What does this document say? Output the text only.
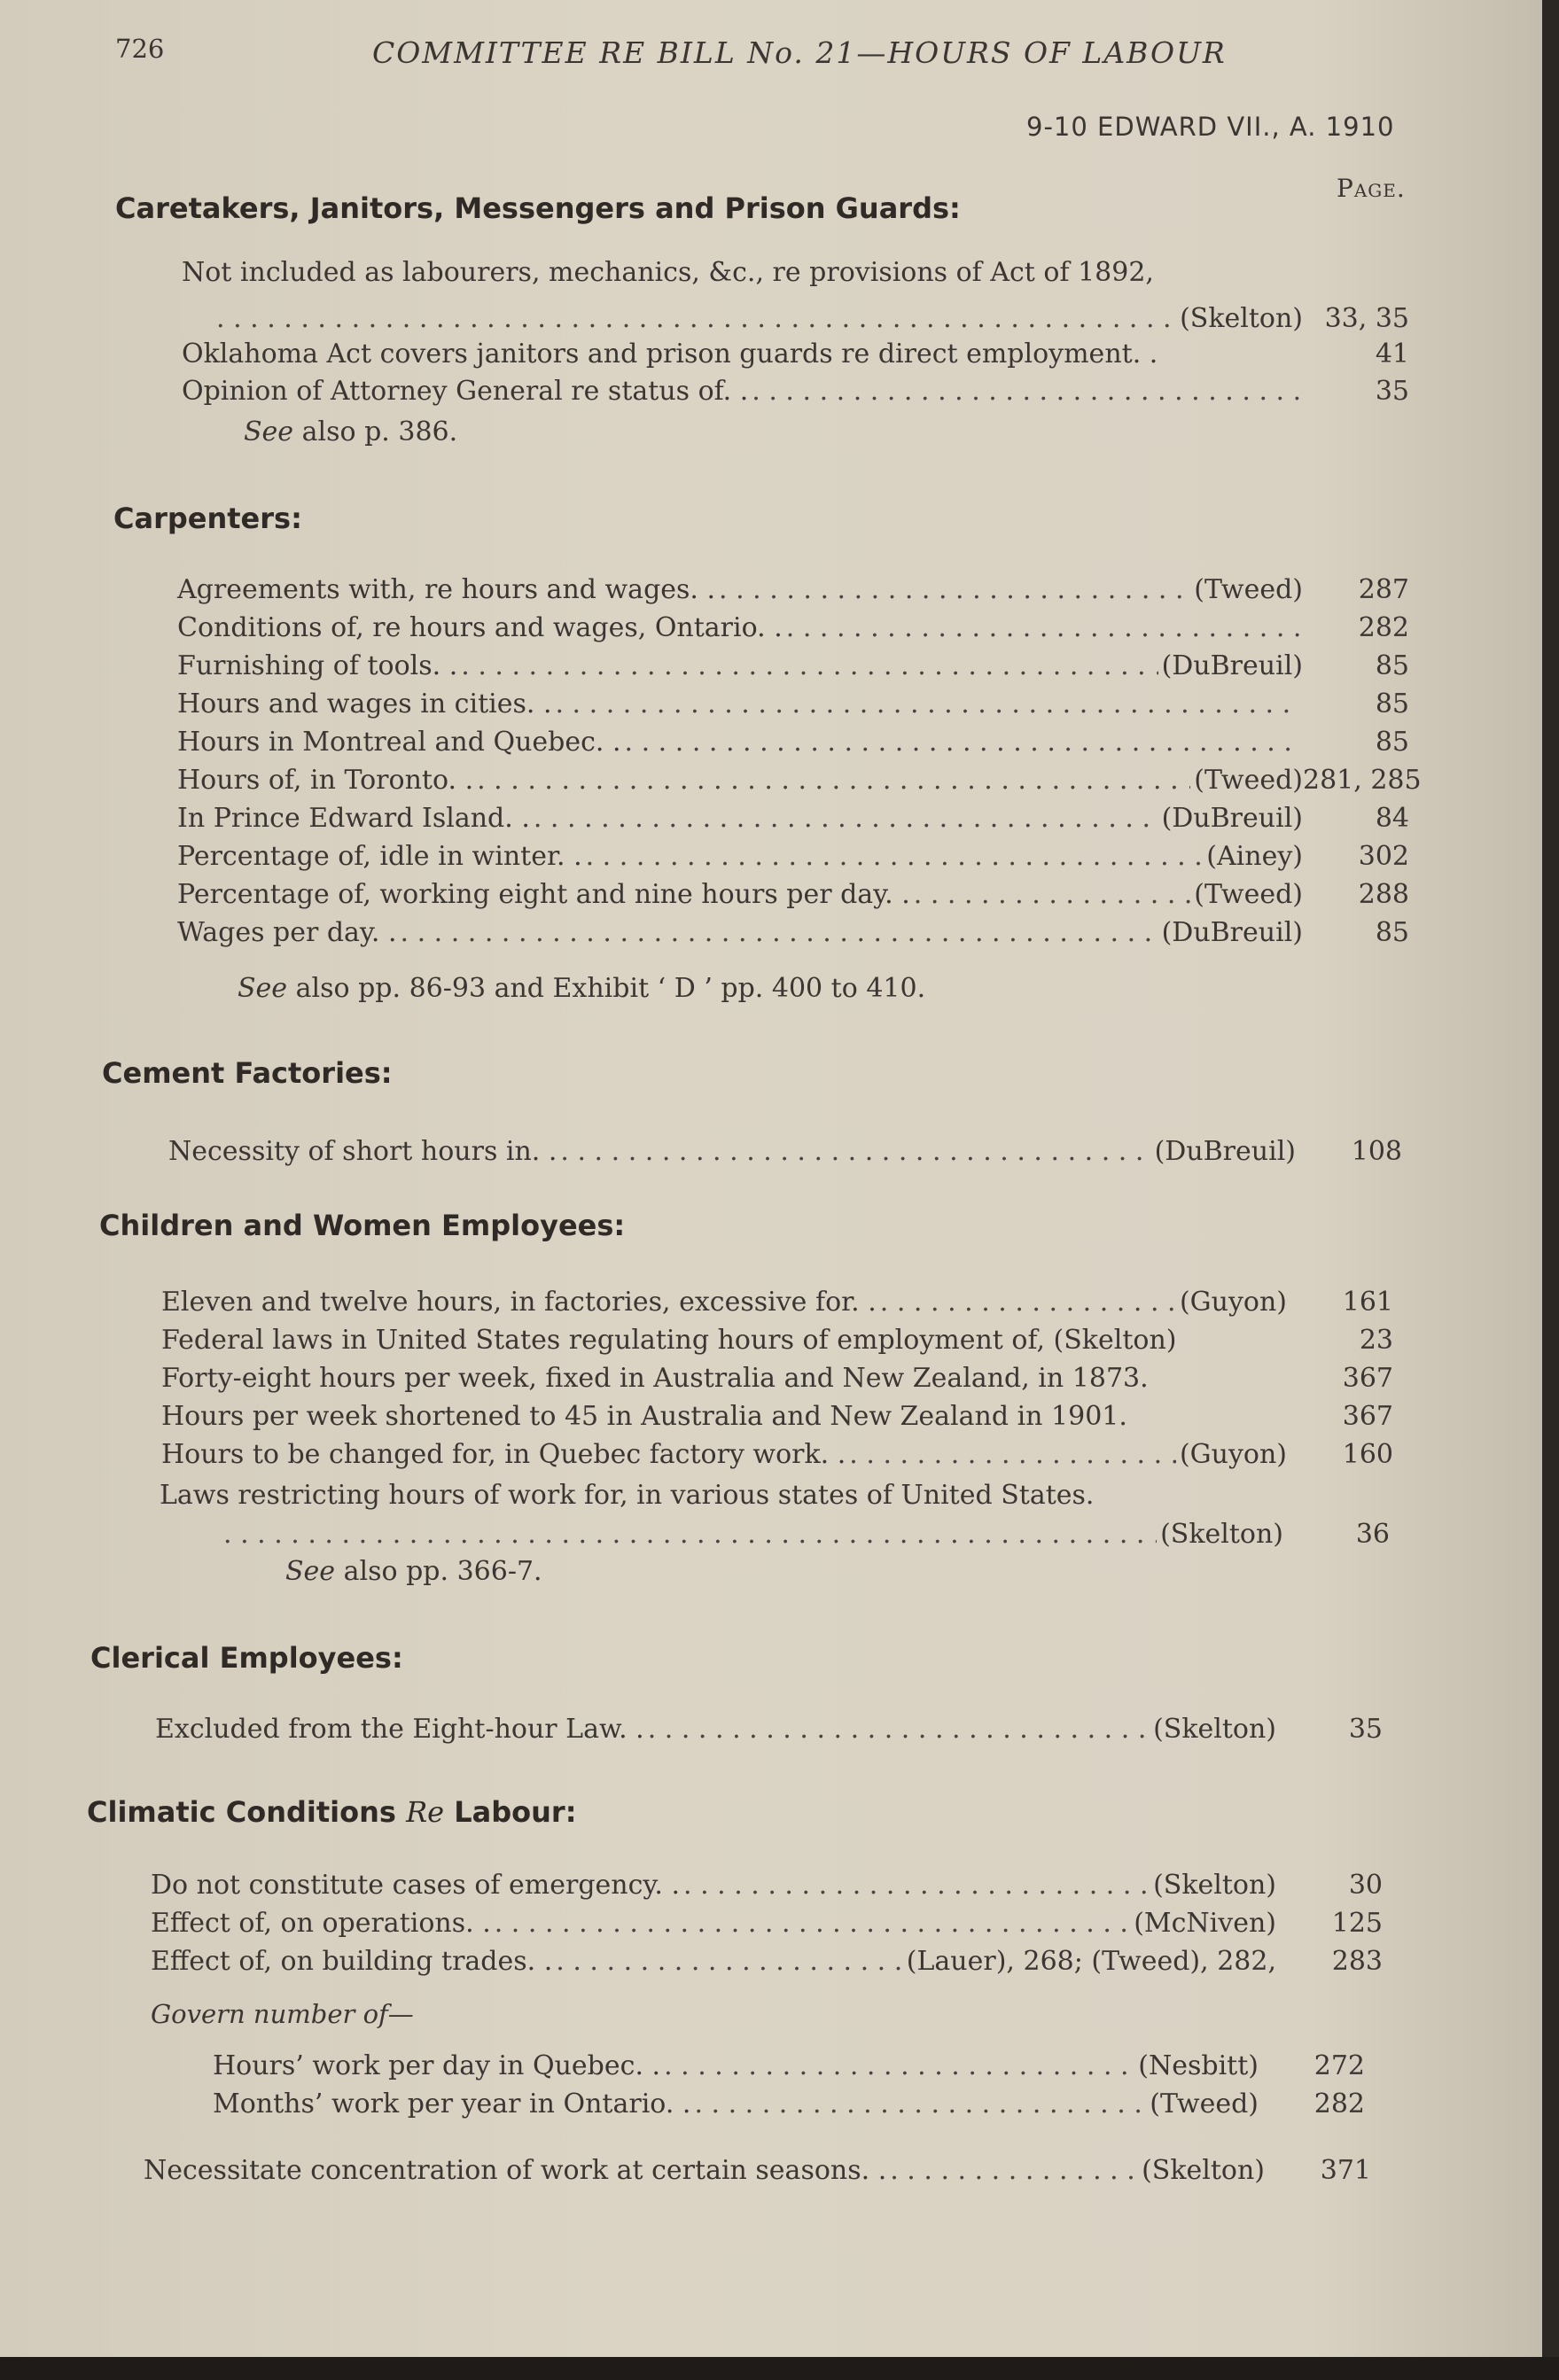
726	COMMITTEE RE BILL No. 21—HOURS OF LABOUR
9-10 EDWARD VII., A. 1910
Page.
Caretakers, Janitors, Messengers and Prison Guards:
Not included as labourers, mechanics, &c., re provisions of Act of 1892,
. . .
(Skelton) 33, 35
Oklahoma Act covers janitors and prison guards re direct employment. .	41
Opinion of Attorney General re status of. . . . .	35
See also p. 386.
Carpenters:
Agreements with, re hours and wages. . . . .	(Tweed)	287
Conditions of, re hours and wages, Ontario. . . . .	282
Furnishing of tools. . . . .	(DuBreuil)	85
Hours and wages in cities. . . . .	85
Hours in Montreal and Quebec. . . . .	85
Hours of, in Toronto. . . . .	(Tweed) 281, 285
In Prince Edward Island. . . . .	(DuBreuil)	84
Percentage of, idle in winter. . . . .	(Ainey)	302
Percentage of, working eight and nine hours per day. . . . .	(Tweed)	288
Wages per day. . . . .	(DuBreuil)	85
See also pp. 86-93 and Exhibit ‘ D ’ pp. 400 to 410.
Cement Factories:
Necessity of short hours in. . . . .	(DuBreuil)	108
Children and Women Employees:
Eleven and twelve hours, in factories, excessive for. . . . .	(Guyon)	161
Federal laws in United States regulating hours of employment of, (Skelton)	23
Forty-eight hours per week, fixed in Australia and New Zealand, in 1873.	367
Hours per week shortened to 45 in Australia and New Zealand in 1901.	367
Hours to be changed for, in Quebec factory work. . . . .	(Guyon)	160
Laws restricting hours of work for, in various states of United States.
. . .
(Skelton)	36
See also pp. 366-7.
Clerical Employees:
Excluded from the Eight-hour Law. . . . .	(Skelton)	35
Climatic Conditions Re Labour:
Do not constitute cases of emergency. . . . .	(Skelton)	30
Effect of, on operations. . . . .	(McNiven)	125
Effect of, on building trades. . . . .	(Lauer), 268; (Tweed), 282,	283
Govern number of—
Hours’ work per day in Quebec. . . . .	(Nesbitt)	272
Months’ work per year in Ontario. . . . .	(Tweed)	282
Necessitate concentration of work at certain seasons. . . . .	(Skelton)	371
